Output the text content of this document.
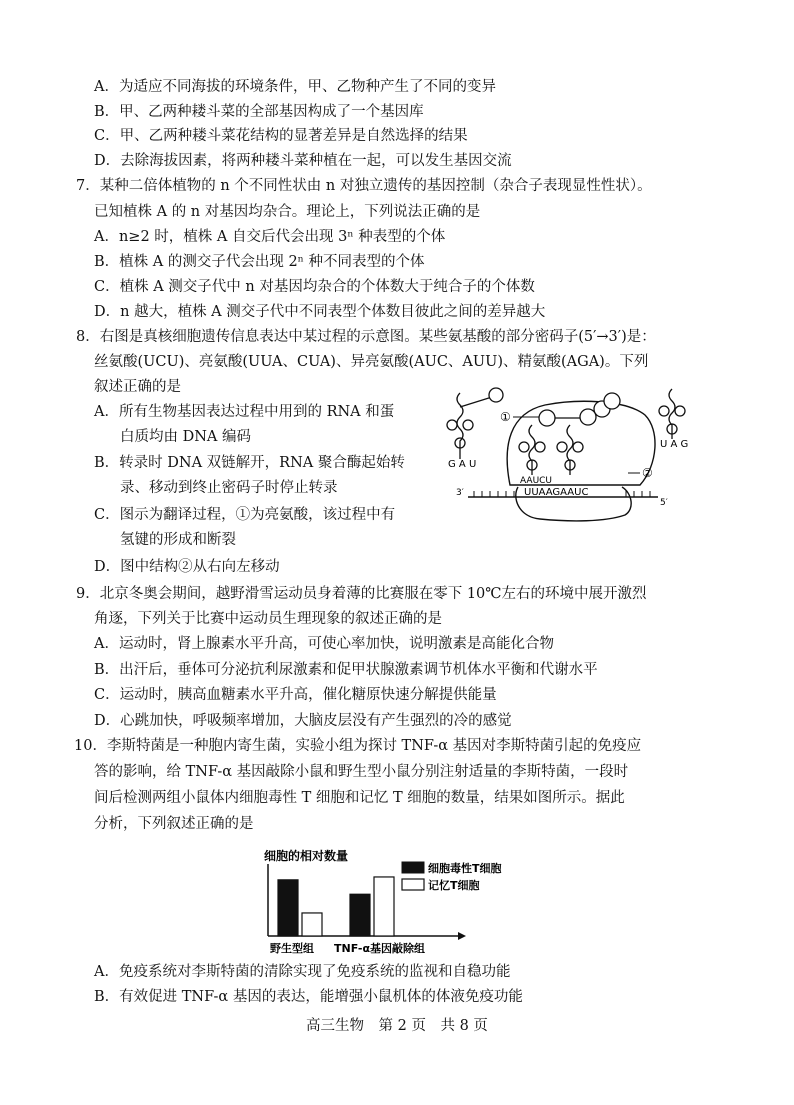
A．为适应不同海拔的环境条件，甲、乙物种产生了不同的变异
B．甲、乙两种耧斗菜的全部基因构成了一个基因库
C．甲、乙两种耧斗菜花结构的显著差异是自然选择的结果
D．去除海拔因素，将两种耧斗菜种植在一起，可以发生基因交流
7．某种二倍体植物的 n 个不同性状由 n 对独立遗传的基因控制（杂合子表现显性性状）。
已知植株 A 的 n 对基因均杂合。理论上，下列说法正确的是
A．n≥2 时，植株 A 自交后代会出现 3ⁿ 种表型的个体
B．植株 A 的测交子代会出现 2ⁿ 种不同表型的个体
C．植株 A 测交子代中 n 对基因均杂合的个体数大于纯合子的个体数
D．n 越大，植株 A 测交子代中不同表型个体数目彼此之间的差异越大
8．右图是真核细胞遗传信息表达中某过程的示意图。某些氨基酸的部分密码子(5′→3′)是：
丝氨酸(UCU)、亮氨酸(UUA、CUA)、异亮氨酸(AUC、AUU)、精氨酸(AGA)。下列
叙述正确的是
A．所有生物基因表达过程中用到的 RNA 和蛋
白质均由 DNA 编码
B．转录时 DNA 双链解开，RNA 聚合酶起始转
录、移动到终止密码子时停止转录
C．图示为翻译过程，①为亮氨酸，该过程中有
氢键的形成和断裂
D．图中结构②从右向左移动
①
G A U
U A G
AAUCU
②
UUAAGAAUC
3′
5′
9．北京冬奥会期间，越野滑雪运动员身着薄的比赛服在零下 10℃左右的环境中展开激烈
角逐，下列关于比赛中运动员生理现象的叙述正确的是
A．运动时，肾上腺素水平升高，可使心率加快，说明激素是高能化合物
B．出汗后，垂体可分泌抗利尿激素和促甲状腺激素调节机体水平衡和代谢水平
C．运动时，胰高血糖素水平升高，催化糖原快速分解提供能量
D．心跳加快，呼吸频率增加，大脑皮层没有产生强烈的冷的感觉
10．李斯特菌是一种胞内寄生菌，实验小组为探讨 TNF-α 基因对李斯特菌引起的免疫应
答的影响，给 TNF-α 基因敲除小鼠和野生型小鼠分别注射适量的李斯特菌，一段时
间后检测两组小鼠体内细胞毒性 T 细胞和记忆 T 细胞的数量，结果如图所示。据此
分析，下列叙述正确的是
细胞的相对数量
野生型组 TNF-α基因敲除组
细胞毒性T细胞
记忆T细胞
A．免疫系统对李斯特菌的清除实现了免疫系统的监视和自稳功能
B．有效促进 TNF-α 基因的表达，能增强小鼠机体的体液免疫功能
高三生物　第 2 页　共 8 页
